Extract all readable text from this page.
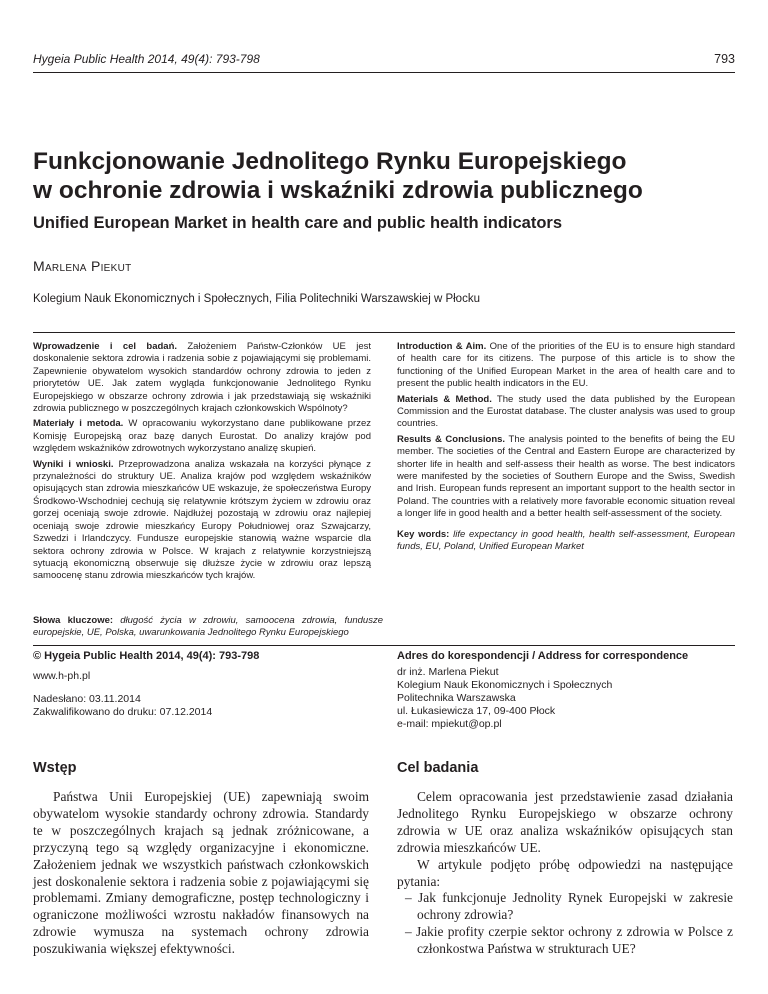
Hygeia Public Health 2014, 49(4): 793-798	793
Funkcjonowanie Jednolitego Rynku Europejskiego
w ochronie zdrowia i wskaźniki zdrowia publicznego
Unified European Market in health care and public health indicators
Marlena Piekut
Kolegium Nauk Ekonomicznych i Społecznych, Filia Politechniki Warszawskiej w Płocku

Wprowadzenie i cel badań. Założeniem Państw-Członków UE jest doskonalenie sektora zdrowia i radzenia sobie z pojawiającymi się problemami. Zapewnienie obywatelom wysokich standardów ochrony zdrowia to jeden z priorytetów UE. Jak zatem wygląda funkcjonowanie Jednolitego Rynku Europejskiego w obszarze ochrony zdrowia i jak przedstawiają się wskaźniki zdrowia publicznego w poszczególnych krajach członkowskich Wspólnoty?

Materiały i metoda. W opracowaniu wykorzystano dane publikowane przez Komisję Europejską oraz bazę danych Eurostat. Do analizy krajów pod względem wskaźników zdrowotnych wykorzystano analizę skupień.

Wyniki i wnioski. Przeprowadzona analiza wskazała na korzyści płynące z przynależności do struktury UE. Analiza krajów pod względem wskaźników opisujących stan zdrowia mieszkańców UE wskazuje, że społeczeństwa Europy Środkowo-Wschodniej cechują się relatywnie krótszym życiem w zdrowiu oraz gorzej oceniają swoje zdrowie. Najdłużej pozostają w zdrowiu oraz najlepiej oceniają swoje zdrowie mieszkańcy Europy Południowej oraz Szwajcarzy, Szwedzi i Irlandczycy. Fundusze europejskie stanowią ważne wsparcie dla sektora ochrony zdrowia w Polsce. W krajach z relatywnie korzystniejszą sytuacją ekonomiczną obserwuje się dłuższe życie w zdrowiu oraz lepszą samoocenę stanu zdrowia mieszkańców tych krajów.

Słowa kluczowe: długość życia w zdrowiu, samoocena zdrowia, fundusze europejskie, UE, Polska, uwarunkowania Jednolitego Rynku Europejskiego

Introduction & Aim. One of the priorities of the EU is to ensure high standard of health care for its citizens. The purpose of this article is to show the functioning of the Unified European Market in the area of health care and to present the public health indicators in the EU.

Materials & Method. The study used the data published by the European Commission and the Eurostat database. The cluster analysis was used to group countries.

Results & Conclusions. The analysis pointed to the benefits of being the EU member. The societies of the Central and Eastern Europe are characterized by shorter life in health and self-assess their health as worse. The best indicators were manifested by the societies of Southern Europe and the Swiss, Swedish and Irish. European funds represent an important support to the health sector in Poland. The countries with a relatively more favorable economic situation reveal a longer life in good health and a better health self-assessment of the society.

Key words: life expectancy in good health, health self-assessment, European funds, EU, Poland, Unified European Market

© Hygeia Public Health 2014, 49(4): 793-798
www.h-ph.pl
Nadesłano: 03.11.2014
Zakwalifikowano do druku: 07.12.2014
Adres do korespondencji / Address for correspondence
dr inż. Marlena Piekut
Kolegium Nauk Ekonomicznych i Społecznych
Politechnika Warszawska
ul. Łukasiewicza 17, 09-400 Płock
e-mail: mpiekut@op.pl
Wstęp

Państwa Unii Europejskiej (UE) zapewniają swoim obywatelom wysokie standardy ochrony zdrowia. Standardy te w poszczególnych krajach są jednak zróżnicowane, a przyczyną tego są względy organizacyjne i ekonomiczne. Założeniem jednak we wszystkich państwach członkowskich jest doskonalenie sektora i radzenia sobie z pojawiającymi się problemami. Zmiany demograficzne, postęp technologiczny i ograniczone możliwości wzrostu nakładów finansowych na zdrowie wymusza na systemach ochrony zdrowia poszukiwania większej efektywności.

Cel badania

Celem opracowania jest przedstawienie zasad działania Jednolitego Rynku Europejskiego w obszarze ochrony zdrowia w UE oraz analiza wskaźników opisujących stan zdrowia mieszkańców UE.

W artykule podjęto próbę odpowiedzi na następujące pytania:

– Jak funkcjonuje Jednolity Rynek Europejski w zakresie ochrony zdrowia?
– Jakie profity czerpie sektor ochrony z zdrowia w Polsce z członkostwa Państwa w strukturach UE?
